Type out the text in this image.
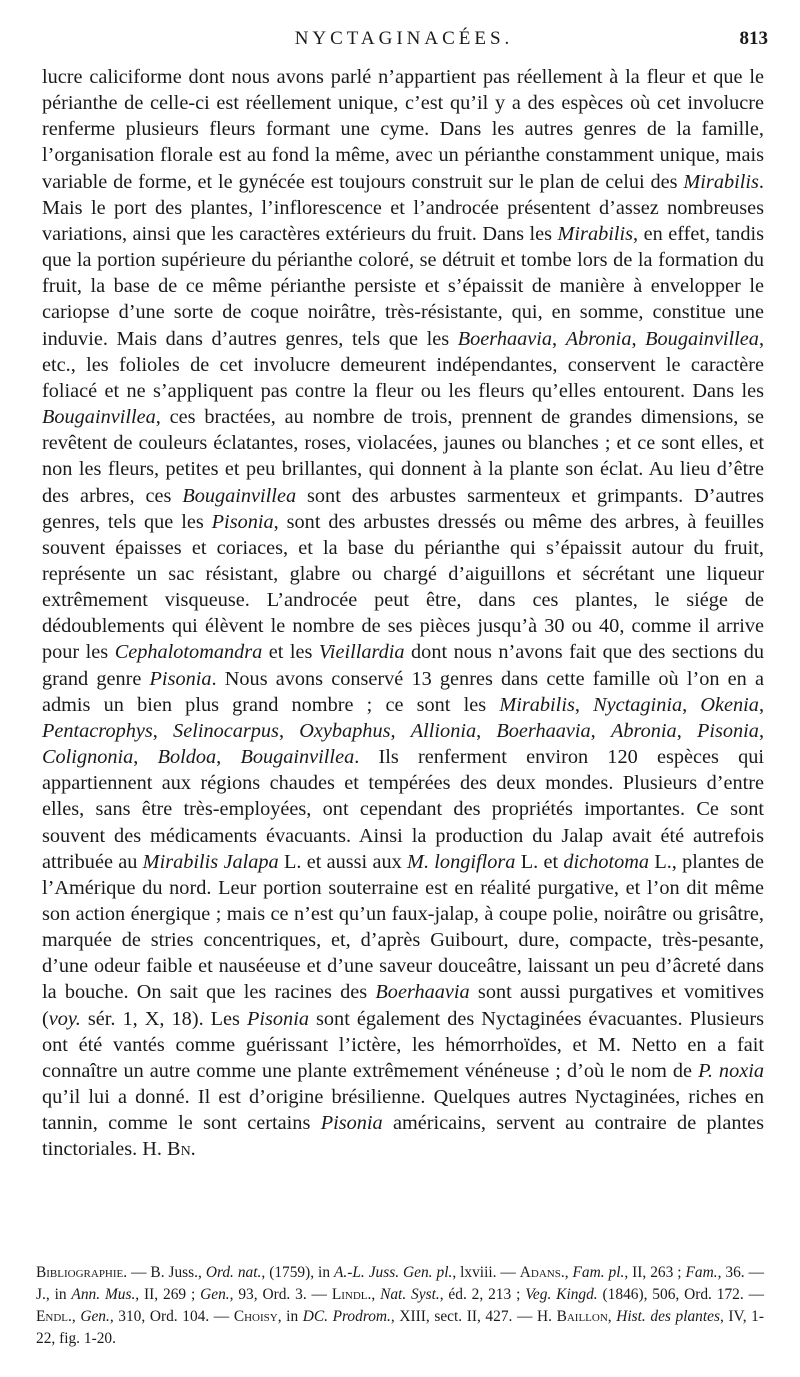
NYCTAGINACÉES.	813

lucre caliciforme dont nous avons parlé n’appartient pas réellement à la fleur et que le périanthe de celle-ci est réellement unique, c’est qu’il y a des espèces où cet involucre renferme plusieurs fleurs formant une cyme. Dans les autres genres de la famille, l’organisation florale est au fond la même, avec un périanthe constamment unique, mais variable de forme, et le gynécée est toujours construit sur le plan de celui des Mirabilis. Mais le port des plantes, l’inflorescence et l’androcée présentent d’assez nombreuses variations, ainsi que les caractères extérieurs du fruit. Dans les Mirabilis, en effet, tandis que la portion supérieure du périanthe coloré, se détruit et tombe lors de la formation du fruit, la base de ce même périanthe persiste et s’épaissit de manière à envelopper le cariopse d’une sorte de coque noirâtre, très-résistante, qui, en somme, constitue une induvie. Mais dans d’autres genres, tels que les Boerhaavia, Abronia, Bougainvillea, etc., les folioles de cet involucre demeurent indépendantes, conservent le caractère foliacé et ne s’appliquent pas contre la fleur ou les fleurs qu’elles entourent. Dans les Bougainvillea, ces bractées, au nombre de trois, prennent de grandes dimensions, se revêtent de couleurs éclatantes, roses, violacées, jaunes ou blanches ; et ce sont elles, et non les fleurs, petites et peu brillantes, qui donnent à la plante son éclat. Au lieu d’être des arbres, ces Bougainvillea sont des arbustes sarmenteux et grimpants. D’autres genres, tels que les Pisonia, sont des arbustes dressés ou même des arbres, à feuilles souvent épaisses et coriaces, et la base du périanthe qui s’épaissit autour du fruit, représente un sac résistant, glabre ou chargé d’aiguillons et sécrétant une liqueur extrêmement visqueuse. L’androcée peut être, dans ces plantes, le siége de dédoublements qui élèvent le nombre de ses pièces jusqu’à 30 ou 40, comme il arrive pour les Cephalotomandra et les Vieillardia dont nous n’avons fait que des sections du grand genre Pisonia. Nous avons conservé 13 genres dans cette famille où l’on en a admis un bien plus grand nombre ; ce sont les Mirabilis, Nyctaginia, Okenia, Pentacrophys, Selinocarpus, Oxybaphus, Allionia, Boerhaavia, Abronia, Pisonia, Colignonia, Boldoa, Bougainvillea. Ils renferment environ 120 espèces qui appartiennent aux régions chaudes et tempérées des deux mondes. Plusieurs d’entre elles, sans être très-employées, ont cependant des propriétés importantes. Ce sont souvent des médicaments évacuants. Ainsi la production du Jalap avait été autrefois attribuée au Mirabilis Jalapa L. et aussi aux M. longiflora L. et dichotoma L., plantes de l’Amérique du nord. Leur portion souterraine est en réalité purgative, et l’on dit même son action énergique ; mais ce n’est qu’un faux-jalap, à coupe polie, noirâtre ou grisâtre, marquée de stries concentriques, et, d’après Guibourt, dure, compacte, très-pesante, d’une odeur faible et nauséeuse et d’une saveur douceâtre, laissant un peu d’âcreté dans la bouche. On sait que les racines des Boerhaavia sont aussi purgatives et vomitives (voy. sér. 1, X, 18). Les Pisonia sont également des Nyctaginées évacuantes. Plusieurs ont été vantés comme guérissant l’ictère, les hémorrhoïdes, et M. Netto en a fait connaître un autre comme une plante extrêmement vénéneuse ; d’où le nom de P. noxia qu’il lui a donné. Il est d’origine brésilienne. Quelques autres Nyctaginées, riches en tannin, comme le sont certains Pisonia américains, servent au contraire de plantes tinctoriales. H. Bn.

Bibliographie. — B. Juss., Ord. nat., (1759), in A.-L. Juss. Gen. pl., lxviii. — Adans., Fam. pl., II, 263 ; Fam., 36. — J., in Ann. Mus., II, 269 ; Gen., 93, Ord. 3. — Lindl., Nat. Syst., éd. 2, 213 ; Veg. Kingd. (1846), 506, Ord. 172. — Endl., Gen., 310, Ord. 104. — Choisy, in DC. Prodrom., XIII, sect. II, 427. — H. Baillon, Hist. des plantes, IV, 1-22, fig. 1-20.
